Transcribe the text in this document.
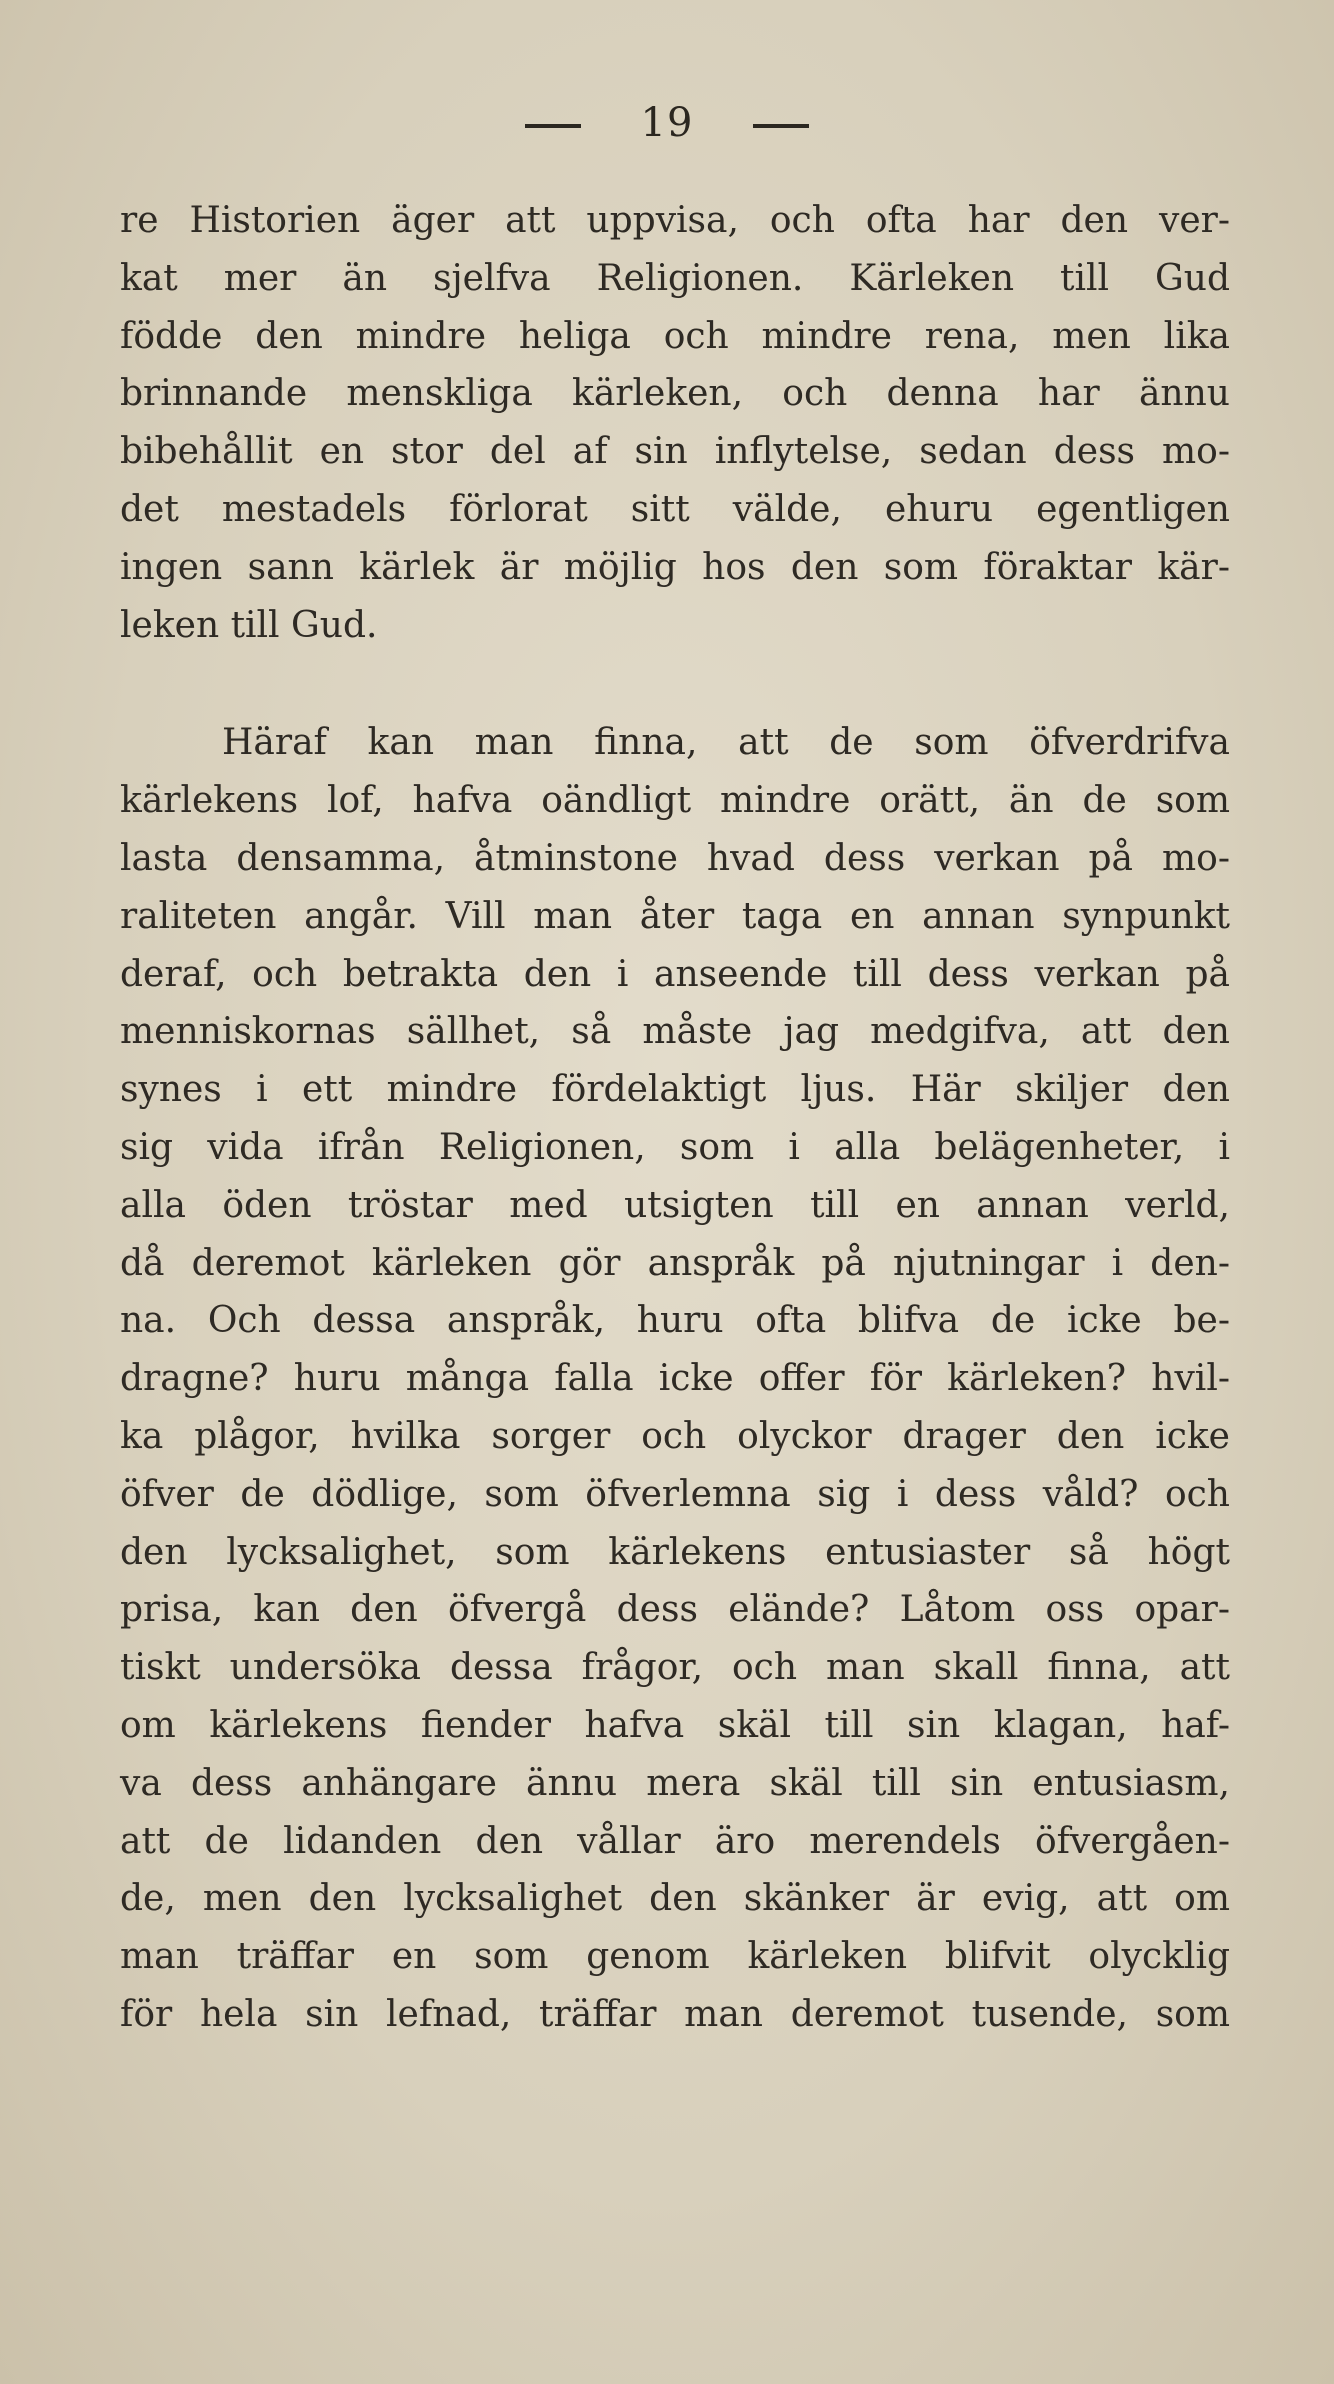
19
re Historien äger att uppvisa, och ofta har den ver-
kat mer än sjelfva Religionen. Kärleken till Gud
födde den mindre heliga och mindre rena, men lika
brinnande menskliga kärleken, och denna har ännu
bibehållit en stor del af sin inflytelse, sedan dess mo-
det mestadels förlorat sitt välde, ehuru egentligen
ingen sann kärlek är möjlig hos den som föraktar kär-
leken till Gud.
Häraf kan man finna, att de som öfverdrifva
kärlekens lof, hafva oändligt mindre orätt, än de som
lasta densamma, åtminstone hvad dess verkan på mo-
raliteten angår. Vill man åter taga en annan synpunkt
deraf, och betrakta den i anseende till dess verkan på
menniskornas sällhet, så måste jag medgifva, att den
synes i ett mindre fördelaktigt ljus. Här skiljer den
sig vida ifrån Religionen, som i alla belägenheter, i
alla öden tröstar med utsigten till en annan verld,
då deremot kärleken gör anspråk på njutningar i den-
na. Och dessa anspråk, huru ofta blifva de icke be-
dragne? huru många falla icke offer för kärleken? hvil-
ka plågor, hvilka sorger och olyckor drager den icke
öfver de dödlige, som öfverlemna sig i dess våld? och
den lycksalighet, som kärlekens entusiaster så högt
prisa, kan den öfvergå dess elände? Låtom oss opar-
tiskt undersöka dessa frågor, och man skall finna, att
om kärlekens fiender hafva skäl till sin klagan, haf-
va dess anhängare ännu mera skäl till sin entusiasm,
att de lidanden den vållar äro merendels öfvergåen-
de, men den lycksalighet den skänker är evig, att om
man träffar en som genom kärleken blifvit olycklig
för hela sin lefnad, träffar man deremot tusende, som
